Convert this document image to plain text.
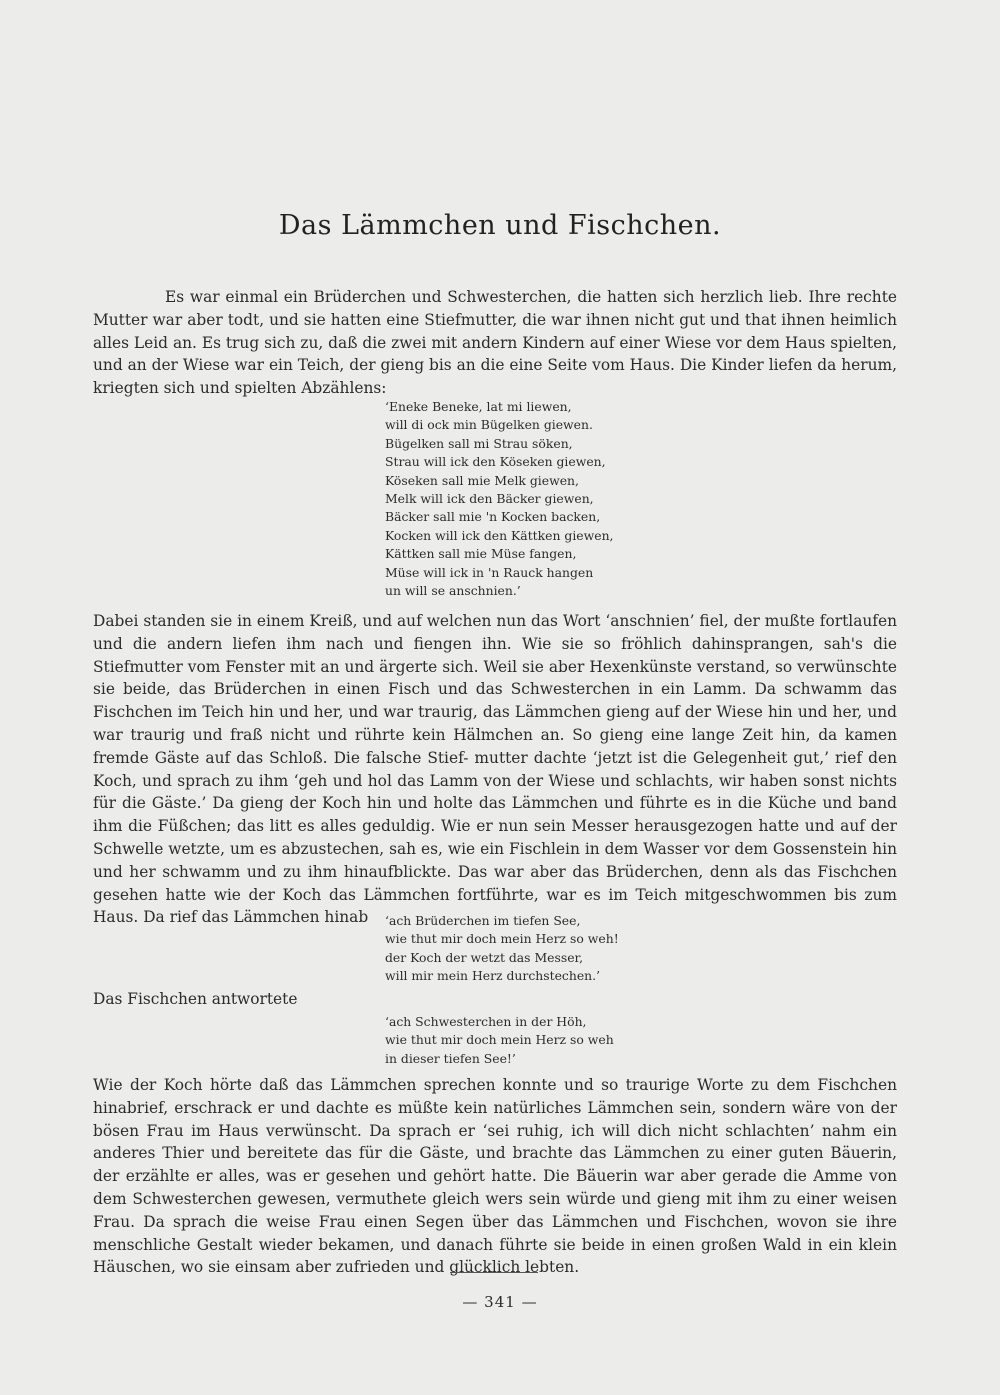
Das Lämmchen und Fischchen.

Es war einmal ein Brüderchen und Schwesterchen, die hatten sich herzlich lieb. Ihre rechte Mutter war aber todt, und sie hatten eine Stiefmutter, die war ihnen nicht gut und that ihnen heimlich alles Leid an. Es trug sich zu, daß die zwei mit andern Kindern auf einer Wiese vor dem Haus spielten, und an der Wiese war ein Teich, der gieng bis an die eine Seite vom Haus. Die Kinder liefen da herum, kriegten sich und spielten Abzählens:

‘Eneke Beneke, lat mi liewen,
will di ock min Bügelken giewen.
Bügelken sall mi Strau söken,
Strau will ick den Köseken giewen,
Köseken sall mie Melk giewen,
Melk will ick den Bäcker giewen,
Bäcker sall mie 'n Kocken backen,
Kocken will ick den Kättken giewen,
Kättken sall mie Müse fangen,
Müse will ick in 'n Rauck hangen
un will se anschnien.’

Dabei standen sie in einem Kreiß, und auf welchen nun das Wort ‘anschnien’ fiel, der mußte fortlaufen und die andern liefen ihm nach und fiengen ihn. Wie sie so fröhlich dahinsprangen, sah's die Stiefmutter vom Fenster mit an und ärgerte sich. Weil sie aber Hexenkünste verstand, so verwünschte sie beide, das Brüderchen in einen Fisch und das Schwesterchen in ein Lamm. Da schwamm das Fischchen im Teich hin und her, und war traurig, das Lämmchen gieng auf der Wiese hin und her, und war traurig und fraß nicht und rührte kein Hälmchen an. So gieng eine lange Zeit hin, da kamen fremde Gäste auf das Schloß. Die falsche Stief- mutter dachte ‘jetzt ist die Gelegenheit gut,’ rief den Koch, und sprach zu ihm ‘geh und hol das Lamm von der Wiese und schlachts, wir haben sonst nichts für die Gäste.’ Da gieng der Koch hin und holte das Lämmchen und führte es in die Küche und band ihm die Füßchen; das litt es alles geduldig. Wie er nun sein Messer herausgezogen hatte und auf der Schwelle wetzte, um es abzustechen, sah es, wie ein Fischlein in dem Wasser vor dem Gossenstein hin und her schwamm und zu ihm hinaufblickte. Das war aber das Brüderchen, denn als das Fischchen gesehen hatte wie der Koch das Lämmchen fortführte, war es im Teich mitgeschwommen bis zum Haus. Da rief das Lämmchen hinab	‘ach Brüderchen im tiefen See,
wie thut mir doch mein Herz so weh!
der Koch der wetzt das Messer,
will mir mein Herz durchstechen.’

Das Fischchen antwortete

‘ach Schwesterchen in der Höh,
wie thut mir doch mein Herz so weh
in dieser tiefen See!’

Wie der Koch hörte daß das Lämmchen sprechen konnte und so traurige Worte zu dem Fischchen hinabrief, erschrack er und dachte es müßte kein natürliches Lämmchen sein, sondern wäre von der bösen Frau im Haus verwünscht. Da sprach er ‘sei ruhig, ich will dich nicht schlachten’ nahm ein anderes Thier und bereitete das für die Gäste, und brachte das Lämmchen zu einer guten Bäuerin, der erzählte er alles, was er gesehen und gehört hatte. Die Bäuerin war aber gerade die Amme von dem Schwesterchen gewesen, vermuthete gleich wers sein würde und gieng mit ihm zu einer weisen Frau. Da sprach die weise Frau einen Segen über das Lämmchen und Fischchen, wovon sie ihre menschliche Gestalt wieder bekamen, und danach führte sie beide in einen großen Wald in ein klein Häuschen, wo sie einsam aber zufrieden und glücklich lebten.

— 341 —
